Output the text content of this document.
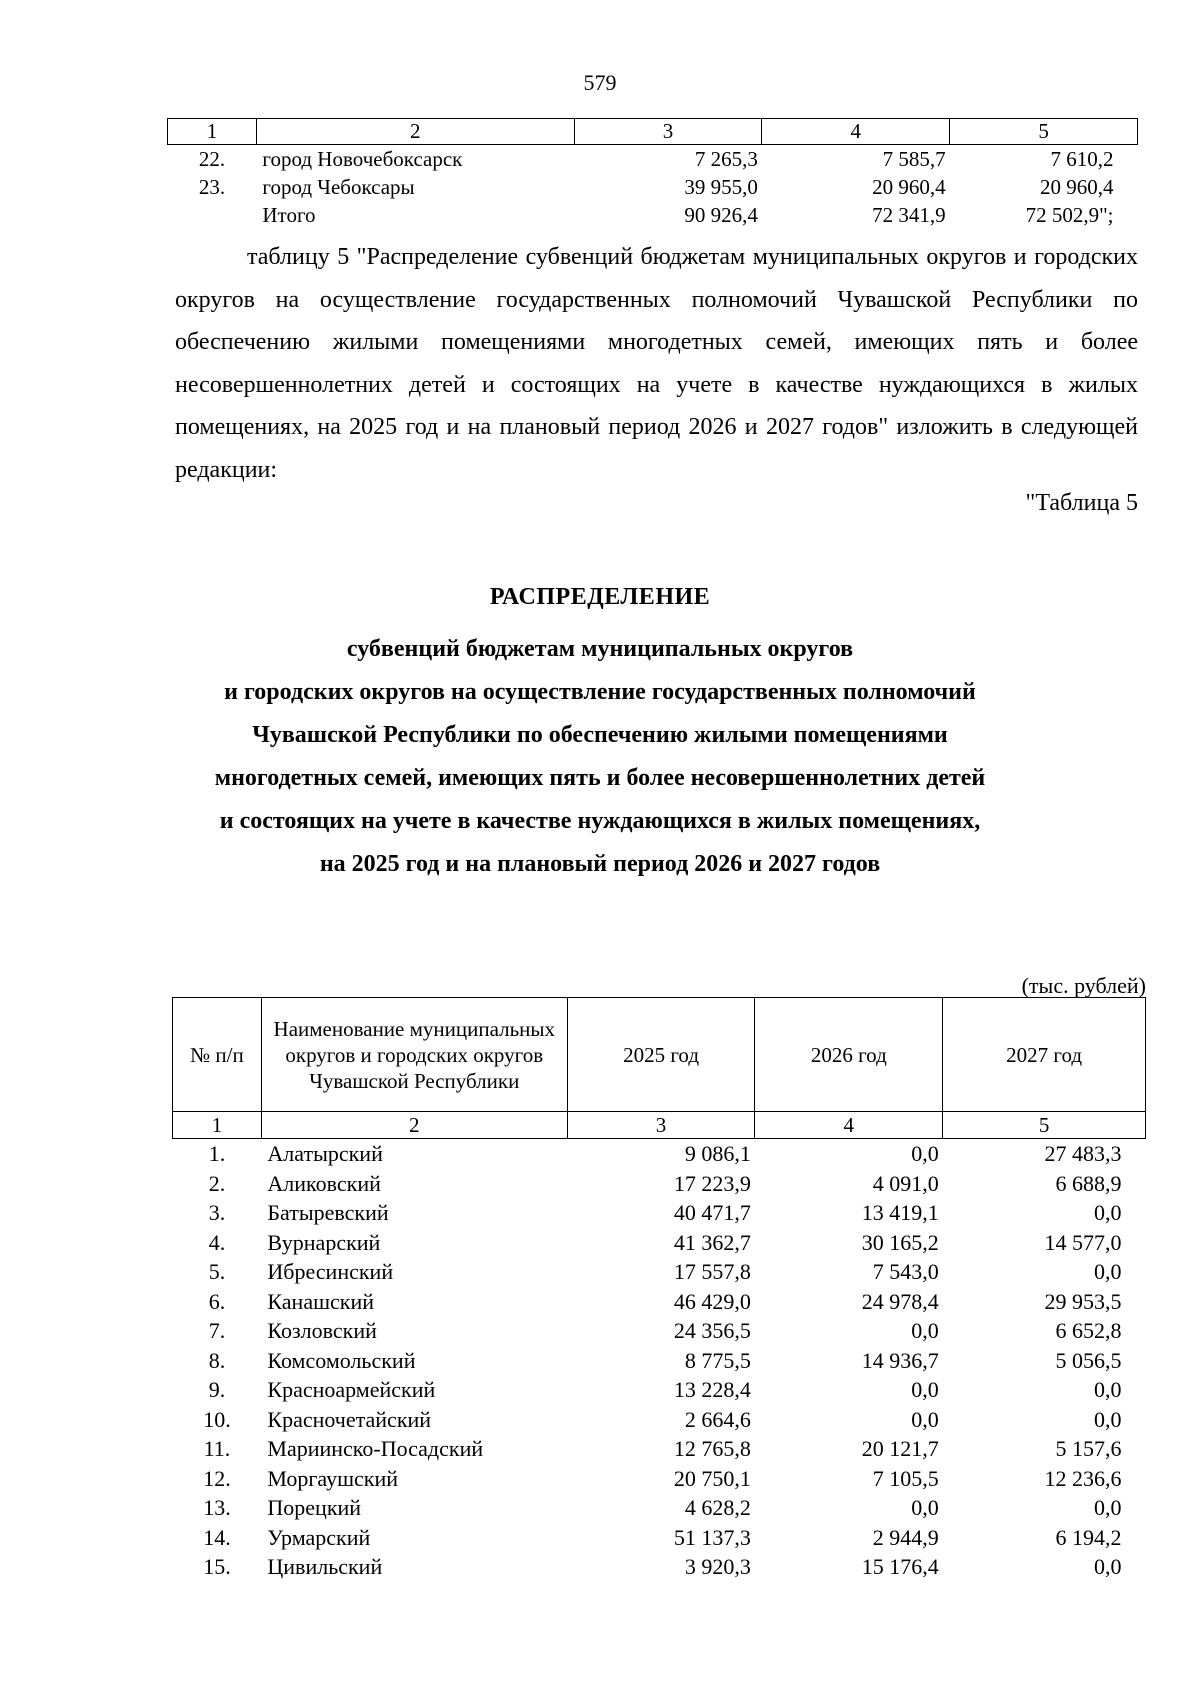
579
1	2	3	4	5
22.	город Новочебоксарск	7 265,3	7 585,7	7 610,2
23.	город Чебоксары	39 955,0	20 960,4	20 960,4
	Итого	90 926,4	72 341,9	72 502,9";
таблицу 5 "Распределение субвенций бюджетам муниципальных округов и городских округов на осуществление государственных полномочий Чувашской Республики по обеспечению жилыми помещениями многодетных семей, имеющих пять и более несовершеннолетних детей и состоящих на учете в качестве нуждающихся в жилых помещениях, на 2025 год и на плановый период 2026 и 2027 годов" изложить в следующей редакции:
"Таблица 5
РАСПРЕДЕЛЕНИЕ
субвенций бюджетам муниципальных округов
и городских округов на осуществление государственных полномочий
Чувашской Республики по обеспечению жилыми помещениями
многодетных семей, имеющих пять и более несовершеннолетних детей
и состоящих на учете в качестве нуждающихся в жилых помещениях,
на 2025 год и на плановый период 2026 и 2027 годов
(тыс. рублей)
№ п/п	Наименование муниципальных округов и городских округов Чувашской Республики	2025 год	2026 год	2027 год
1	2	3	4	5
1.	Алатырский	9 086,1	0,0	27 483,3
2.	Аликовский	17 223,9	4 091,0	6 688,9
3.	Батыревский	40 471,7	13 419,1	0,0
4.	Вурнарский	41 362,7	30 165,2	14 577,0
5.	Ибресинский	17 557,8	7 543,0	0,0
6.	Канашский	46 429,0	24 978,4	29 953,5
7.	Козловский	24 356,5	0,0	6 652,8
8.	Комсомольский	8 775,5	14 936,7	5 056,5
9.	Красноармейский	13 228,4	0,0	0,0
10.	Красночетайский	2 664,6	0,0	0,0
11.	Мариинско-Посадский	12 765,8	20 121,7	5 157,6
12.	Моргаушский	20 750,1	7 105,5	12 236,6
13.	Порецкий	4 628,2	0,0	0,0
14.	Урмарский	51 137,3	2 944,9	6 194,2
15.	Цивильский	3 920,3	15 176,4	0,0
